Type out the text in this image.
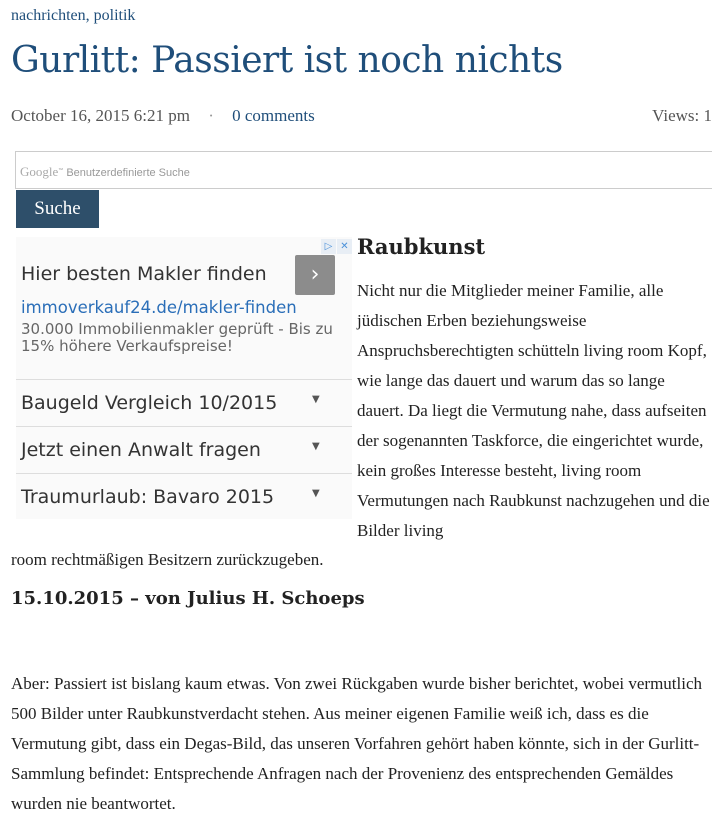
nachrichten, politik
Gurlitt: Passiert ist noch nichts
October 16, 2015 6:21 pm · 0 comments	Views: 1
Google™ Benutzerdefinierte Suche
Suche
▷ ✕
Hier besten Makler finden	›
immoverkauf24.de/makler-finden
30.000 Immobilienmakler geprüft - Bis zu 15% höhere Verkaufspreise!
Baugeld Vergleich 10/2015	▼
Jetzt einen Anwalt fragen	▼
Traumurlaub: Bavaro 2015	▼
Raubkunst
Nicht nur die Mitglieder meiner Familie, alle jüdischen Erben beziehungsweise Anspruchsberechtigten schütteln living room Kopf, wie lange das dauert und warum das so lange dauert. Da liegt die Vermutung nahe, dass aufseiten der sogenannten Taskforce, die eingerichtet wurde, kein großes Interesse besteht, living room Vermutungen nach Raubkunst nachzugehen und die Bilder living
room rechtmäßigen Besitzern zurückzugeben.
15.10.2015 – von Julius H. Schoeps
Aber: Passiert ist bislang kaum etwas. Von zwei Rückgaben wurde bisher berichtet, wobei vermutlich 500 Bilder unter Raubkunstverdacht stehen. Aus meiner eigenen Familie weiß ich, dass es die Vermutung gibt, dass ein Degas-Bild, das unseren Vorfahren gehört haben könnte, sich in der Gurlitt-Sammlung befindet: Entsprechende Anfragen nach der Provenienz des entsprechenden Gemäldes wurden nie beantwortet.
